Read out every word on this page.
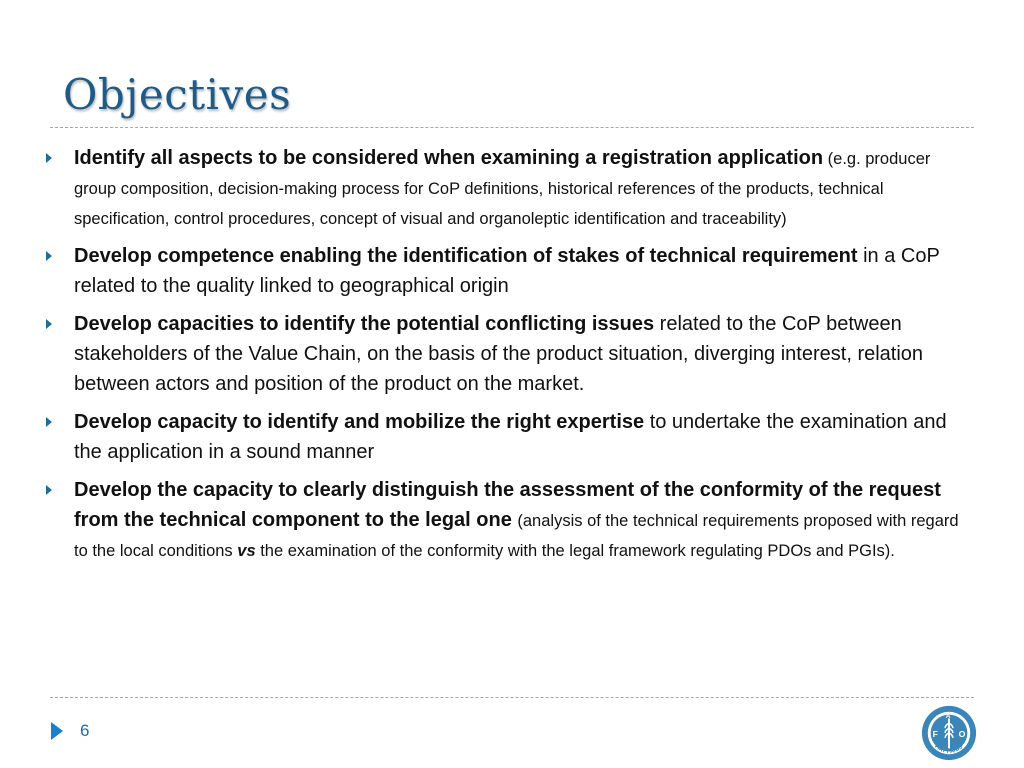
Objectives
Identify all aspects to be considered when examining a registration application (e.g. producer group composition, decision-making process for CoP definitions, historical references of the products, technical specification, control procedures, concept of visual and organoleptic identification and traceability)
Develop competence enabling the identification of stakes of technical requirement in a CoP related to the quality linked to geographical origin
Develop capacities to identify the potential conflicting issues related to the CoP between stakeholders of the Value Chain, on the basis of the product situation, diverging interest, relation between actors and position of the product on the market.
Develop capacity to identify and mobilize the right expertise to undertake the examination and the application in a sound manner
Develop the capacity to clearly distinguish the assessment of the conformity of the request from the technical component to the legal one (analysis of the technical requirements proposed with regard to the local conditions vs the examination of the conformity with the legal framework regulating PDOs and PGIs).
6	F O
A
FIAT PANIS
